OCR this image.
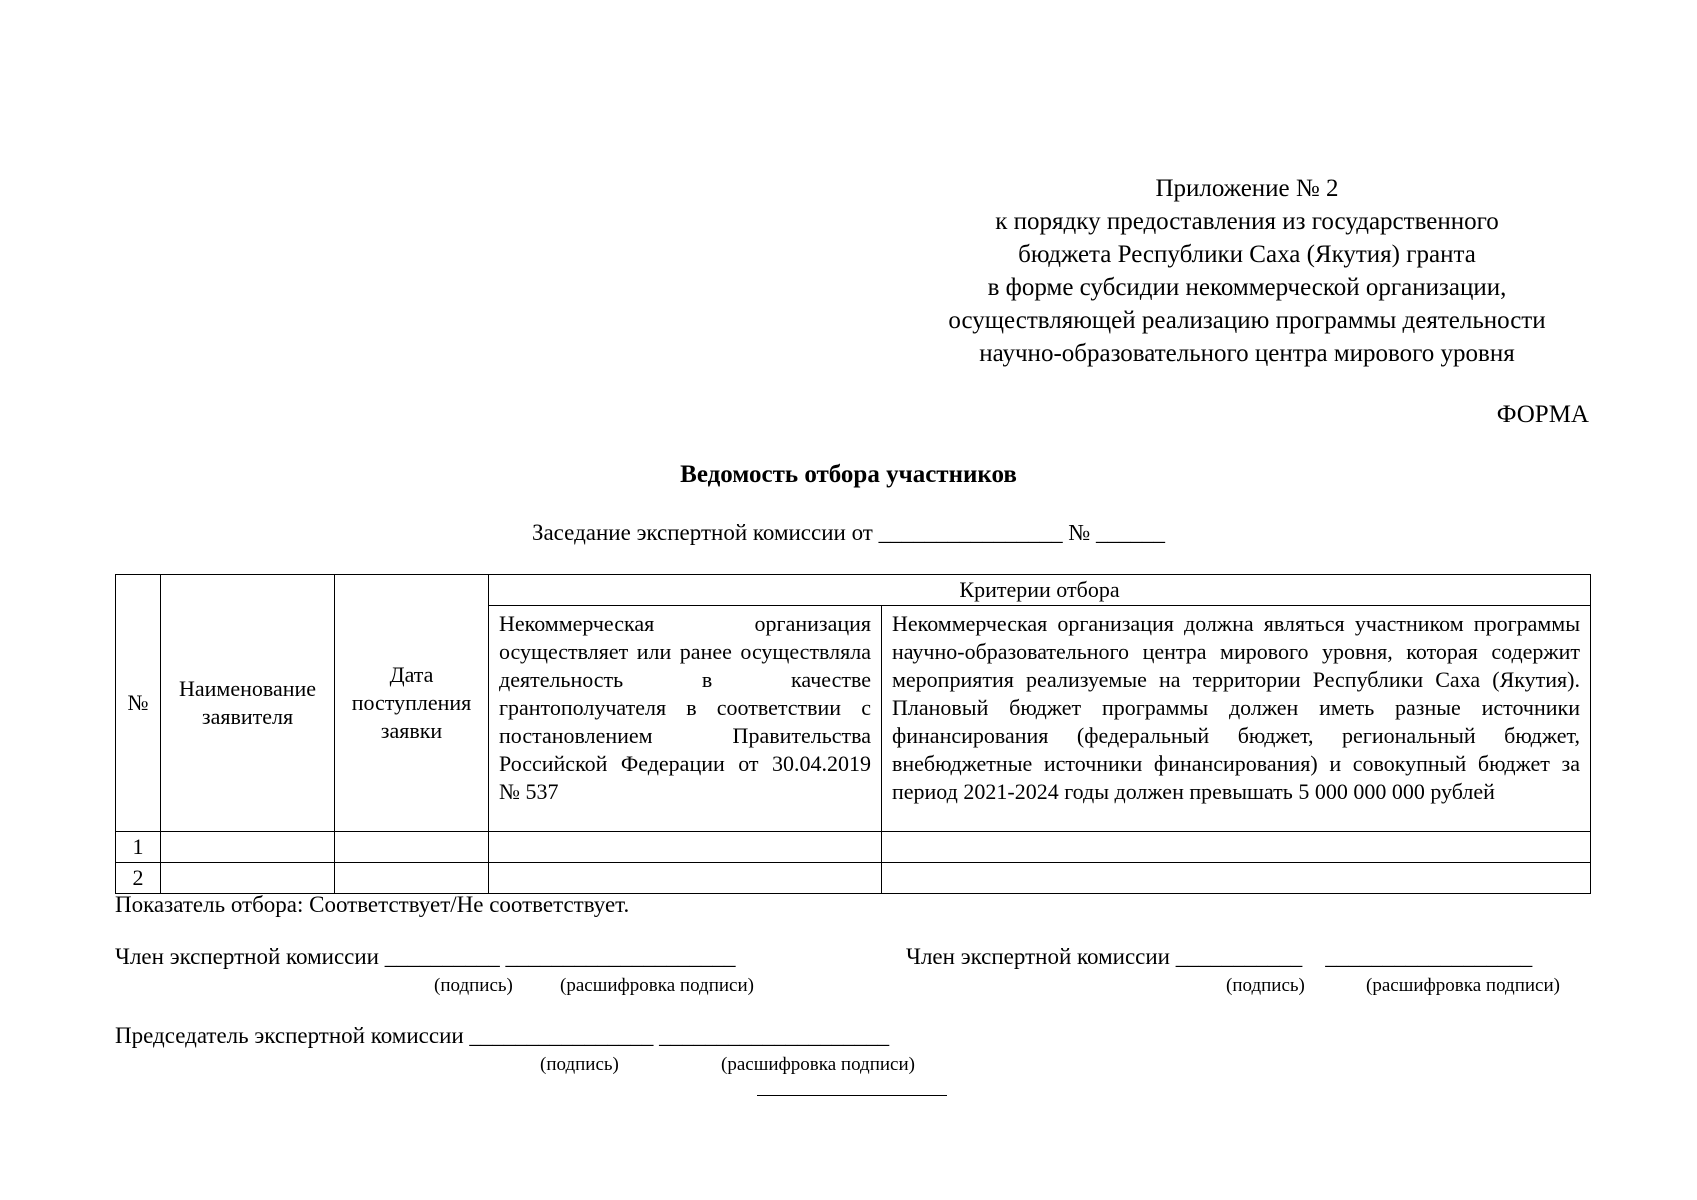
Приложение № 2
к порядку предоставления из государственного
бюджета Республики Саха (Якутия) гранта
в форме субсидии некоммерческой организации,
осуществляющей реализацию программы деятельности
научно-образовательного центра мирового уровня
ФОРМА
Ведомость отбора участников
Заседание экспертной комиссии от ________________ № ______
№	Наименование заявителя	Дата поступления заявки	Критерии отбора	
			Некоммерческая организация осуществляет или ранее осуществляла деятельность в качестве грантополучателя в соответствии с постановлением Правительства Российской Федерации от 30.04.2019 № 537	Некоммерческая организация должна являться участником программы научно-образовательного центра мирового уровня, которая содержит мероприятия реализуемые на территории Республики Саха (Якутия). Плановый бюджет программы должен иметь разные источники финансирования (федеральный бюджет, региональный бюджет, внебюджетные источники финансирования) и совокупный бюджет за период 2021-2024 годы должен превышать 5 000 000 000 рублей
1				
2				
Показатель отбора: Соответствует/Не соответствует.
Член экспертной комиссии __________ ____________________
(подпись) (расшифровка подписи)
Член экспертной комиссии ___________    __________________
(подпись)	(расшифровка подписи)
Председатель экспертной комиссии ________________ ____________________
(подпись)	(расшифровка подписи)
